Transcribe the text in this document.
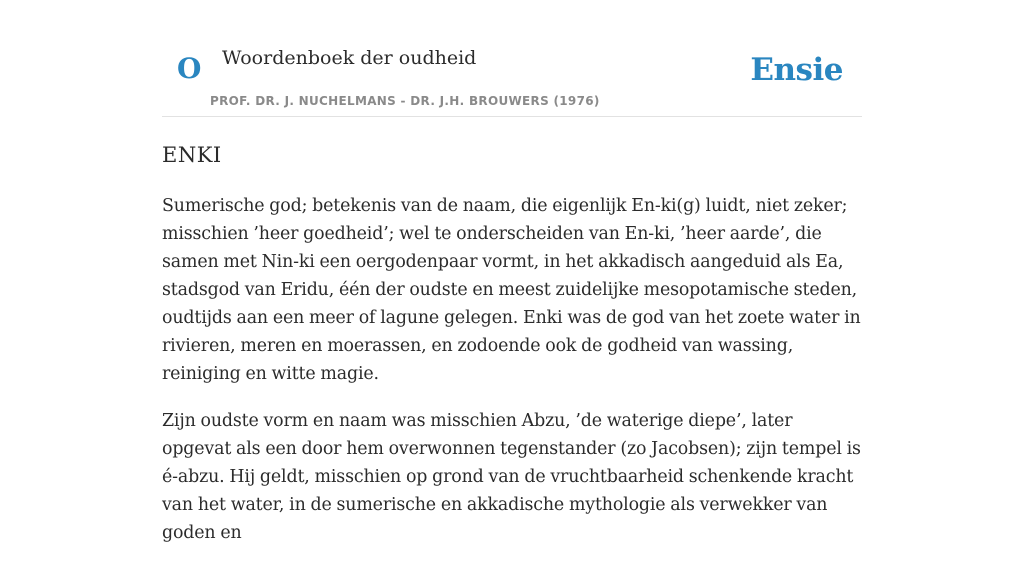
O Woordenboek der oudheid
PROF. DR. J. NUCHELMANS - DR. J.H. BROUWERS (1976)
Ensie
ENKI

Sumerische god; betekenis van de naam, die eigenlijk En-ki(g) luidt, niet zeker; misschien ’heer goedheid’; wel te onderscheiden van En-ki, ’heer aarde’, die samen met Nin-ki een oergodenpaar vormt, in het akkadisch aangeduid als Ea, stadsgod van Eridu, één der oudste en meest zuidelijke mesopotamische steden, oudtijds aan een meer of lagune gelegen. Enki was de god van het zoete water in rivieren, meren en moerassen, en zodoende ook de godheid van wassing, reiniging en witte magie.

Zijn oudste vorm en naam was misschien Abzu, ’de waterige diepe’, later opgevat als een door hem overwonnen tegenstander (zo Jacobsen); zijn tempel is é-abzu. Hij geldt, misschien op grond van de vruchtbaarheid schenkende kracht van het water, in de sumerische en akkadische mythologie als verwekker van goden en
